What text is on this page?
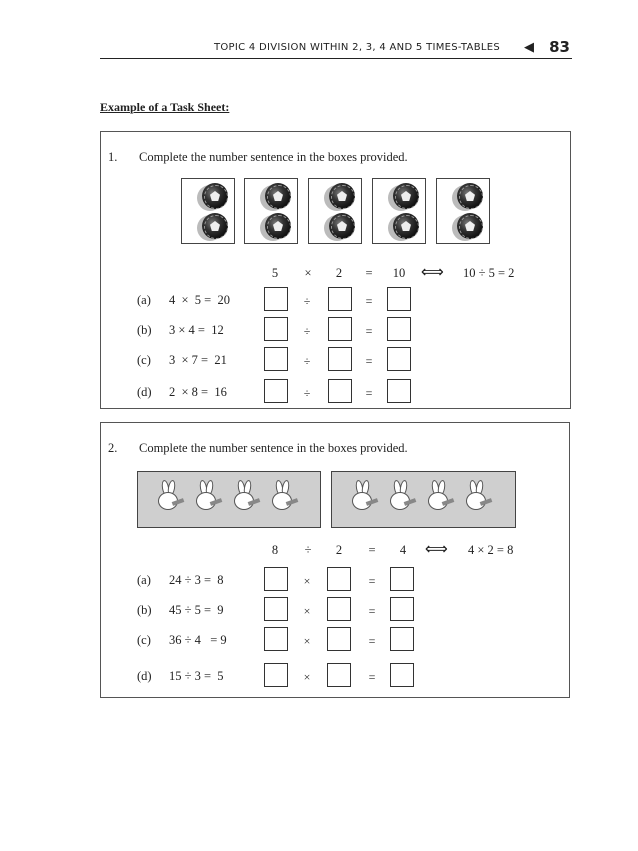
TOPIC 4 DIVISION WITHIN 2, 3, 4 AND 5 TIMES-TABLES ◀ 83
Example of a Task Sheet:
1. Complete the number sentence in the boxes provided.
5	×	2	=	10 ⟺ 10 ÷ 5 = 2
(a) 4  ×  5 =  20	÷	=
(b) 3 × 4 =  12	÷	=
(c) 3  × 7 =  21	÷	=
(d) 2  × 8 =  16	÷	=
2. Complete the number sentence in the boxes provided.
8	÷	2	=	4 ⟺ 4 × 2 = 8
(a) 24 ÷ 3 =  8	×	=
(b) 45 ÷ 5 =  9	×	=
(c) 36 ÷ 4   = 9	×	=
(d) 15 ÷ 3 =  5	×	=
